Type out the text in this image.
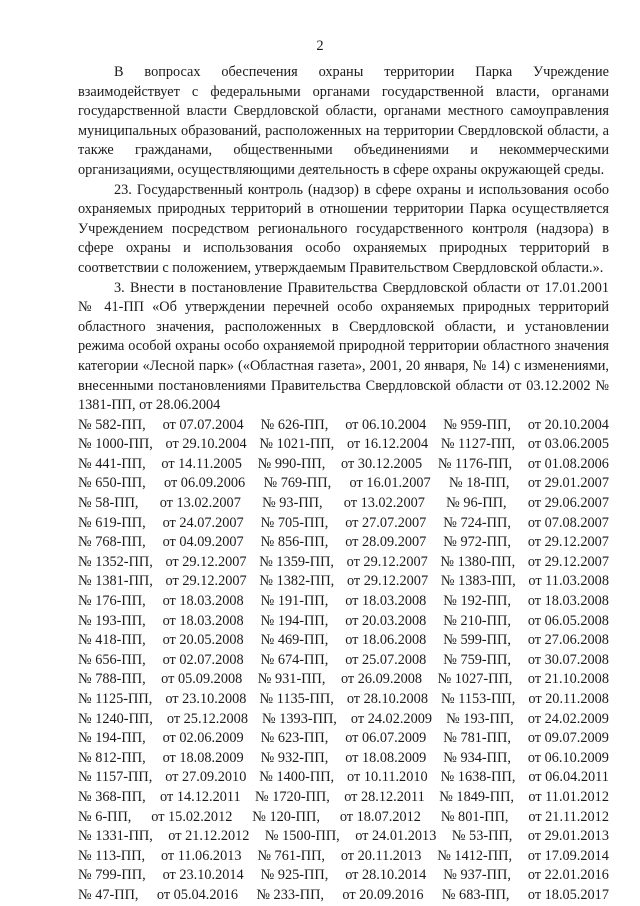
2

В вопросах обеспечения охраны территории Парка Учреждение взаимодействует с федеральными органами государственной власти, органами государственной власти Свердловской области, органами местного самоуправления муниципальных образований, расположенных на территории Свердловской области, а также гражданами, общественными объединениями и некоммерческими организациями, осуществляющими деятельность в сфере охраны окружающей среды.

23. Государственный контроль (надзор) в сфере охраны и использования особо охраняемых природных территорий в отношении территории Парка осуществляется Учреждением посредством регионального государственного контроля (надзора) в сфере охраны и использования особо охраняемых природных территорий в соответствии с положением, утверждаемым Правительством Свердловской области.».

3. Внести в постановление Правительства Свердловской области от 17.01.2001 № 41-ПП «Об утверждении перечней особо охраняемых природных территорий областного значения, расположенных в Свердловской области, и установлении режима особой охраны особо охраняемой природной территории областного значения категории «Лесной парк» («Областная газета», 2001, 20 января, № 14) с изменениями, внесенными постановлениями Правительства Свердловской области от 03.12.2002 № 1381-ПП, от 28.06.2004

№ 582-ПП, от 07.07.2004 № 626-ПП, от 06.10.2004 № 959-ПП, от 20.10.2004
№ 1000-ПП, от 29.10.2004 № 1021-ПП, от 16.12.2004 № 1127-ПП, от 03.06.2005
№ 441-ПП, от 14.11.2005 № 990-ПП, от 30.12.2005 № 1176-ПП, от 01.08.2006
№ 650-ПП, от 06.09.2006 № 769-ПП, от 16.01.2007 № 18-ПП, от 29.01.2007
№ 58-ПП, от 13.02.2007 № 93-ПП, от 13.02.2007 № 96-ПП, от 29.06.2007
№ 619-ПП, от 24.07.2007 № 705-ПП, от 27.07.2007 № 724-ПП, от 07.08.2007
№ 768-ПП, от 04.09.2007 № 856-ПП, от 28.09.2007 № 972-ПП, от 29.12.2007
№ 1352-ПП, от 29.12.2007 № 1359-ПП, от 29.12.2007 № 1380-ПП, от 29.12.2007
№ 1381-ПП, от 29.12.2007 № 1382-ПП, от 29.12.2007 № 1383-ПП, от 11.03.2008
№ 176-ПП, от 18.03.2008 № 191-ПП, от 18.03.2008 № 192-ПП, от 18.03.2008
№ 193-ПП, от 18.03.2008 № 194-ПП, от 20.03.2008 № 210-ПП, от 06.05.2008
№ 418-ПП, от 20.05.2008 № 469-ПП, от 18.06.2008 № 599-ПП, от 27.06.2008
№ 656-ПП, от 02.07.2008 № 674-ПП, от 25.07.2008 № 759-ПП, от 30.07.2008
№ 788-ПП, от 05.09.2008 № 931-ПП, от 26.09.2008 № 1027-ПП, от 21.10.2008
№ 1125-ПП, от 23.10.2008 № 1135-ПП, от 28.10.2008 № 1153-ПП, от 20.11.2008
№ 1240-ПП, от 25.12.2008 № 1393-ПП, от 24.02.2009 № 193-ПП, от 24.02.2009
№ 194-ПП, от 02.06.2009 № 623-ПП, от 06.07.2009 № 781-ПП, от 09.07.2009
№ 812-ПП, от 18.08.2009 № 932-ПП, от 18.08.2009 № 934-ПП, от 06.10.2009
№ 1157-ПП, от 27.09.2010 № 1400-ПП, от 10.11.2010 № 1638-ПП, от 06.04.2011
№ 368-ПП, от 14.12.2011 № 1720-ПП, от 28.12.2011 № 1849-ПП, от 11.01.2012
№ 6-ПП, от 15.02.2012 № 120-ПП, от 18.07.2012 № 801-ПП, от 21.11.2012
№ 1331-ПП, от 21.12.2012 № 1500-ПП, от 24.01.2013 № 53-ПП, от 29.01.2013
№ 113-ПП, от 11.06.2013 № 761-ПП, от 20.11.2013 № 1412-ПП, от 17.09.2014
№ 799-ПП, от 23.10.2014 № 925-ПП, от 28.10.2014 № 937-ПП, от 22.01.2016
№ 47-ПП, от 05.04.2016 № 233-ПП, от 20.09.2016 № 683-ПП, от 18.05.2017
